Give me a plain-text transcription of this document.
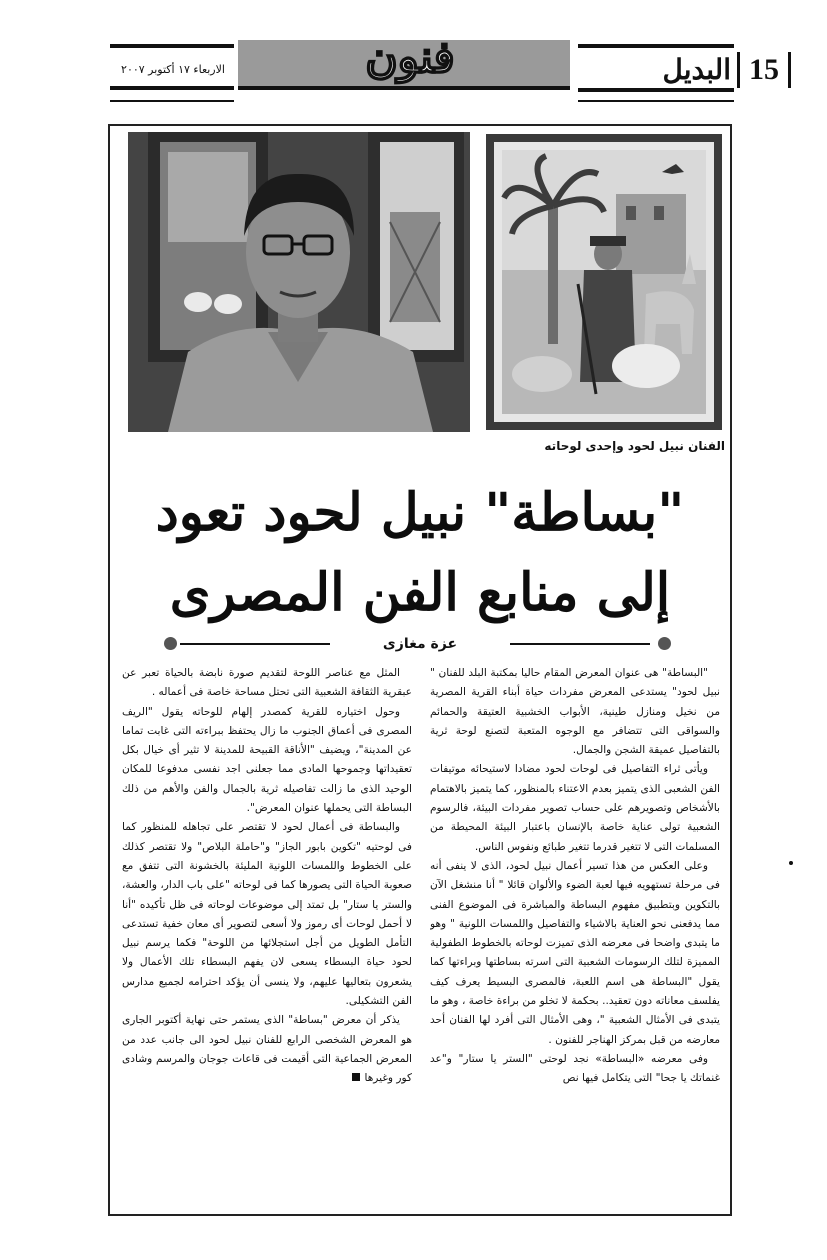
البديل 15
فنون
الاربعاء ١٧ أكتوبر ٢٠٠٧
الفنان نبيل لحود وإحدى لوحاته
"بساطة" نبيل لحود تعود
إلى منابع الفن المصرى
عزة مغازى

"البساطة" هى عنوان المعرض المقام حاليا بمكتبة البلد للفنان " نبيل لحود" يستدعى المعرض مفردات حياة أبناء القرية المصرية من نخيل ومنازل طينية، الأبواب الخشبية العتيقة والحمائم والسواقى التى تتضافر مع الوجوه المتعبة لتصنع لوحة ثرية بالتفاصيل عميقة الشجن والجمال.

ويأتى ثراء التفاصيل فى لوحات لحود مضادا لاستيحائه موتيفات الفن الشعبى الذى يتميز بعدم الاعتناء بالمنظور، كما يتميز بالاهتمام بالأشخاص وتصويرهم على حساب تصوير مفردات البيئة، فالرسوم الشعبية تولى عناية خاصة بالإنسان باعتبار البيئة المحيطة من المسلمات التى لا تتغير قدرما تتغير طبائع ونفوس الناس.

وعلى العكس من هذا تسير أعمال نبيل لحود، الذى لا ينفى أنه فى مرحلة تستهويه فيها لعبة الضوء والألوان قائلا " أنا منشغل الآن بالتكوين وبتطبيق مفهوم البساطة والمباشرة فى الموضوع الفنى مما يدفعنى نحو العناية بالاشياء والتفاصيل واللمسات اللونية " وهو ما يتبدى واضحا فى معرضه الذى تميزت لوحاته بالخطوط الطفولية المميزة لتلك الرسومات الشعبية التى اسرته بساطتها وبراءتها كما يقول "البساطة هى اسم اللعبة، فالمصرى البسيط يعرف كيف يفلسف معاناته دون تعقيد.. بحكمة لا تخلو من براءة خاصة ، وهو ما يتبدى فى الأمثال الشعبية "، وهى الأمثال التى أفرد لها الفنان أحد معارضه من قبل بمركز الهناجر للفنون .

وفى معرضه «البساطة» نجد لوحتى "الستر يا ستار" و"عد غنماتك يا جحا" التى يتكامل فيها نص

المثل مع عناصر اللوحة لتقديم صورة نابضة بالحياة تعبر عن عبقرية الثقافة الشعبية التى تحتل مساحة خاصة فى أعماله .

وحول اختياره للقرية كمصدر إلهام للوحاته يقول "الريف المصرى فى أعماق الجنوب ما زال يحتفظ ببراءته التى غابت تماما عن المدينة"، ويضيف "الأناقة القبيحة للمدينة لا تثير أى خيال بكل تعقيداتها وجموحها المادى مما جعلنى اجد نفسى مدفوعا للمكان الوحيد الذى ما زالت تفاصيله ثرية بالجمال والفن والأهم من ذلك البساطة التى يحملها عنوان المعرض".

والبساطة فى أعمال لحود لا تقتصر على تجاهله للمنظور كما فى لوحتيه "تكوين بابور الجاز" و"حاملة البلاص" ولا تقتصر كذلك على الخطوط واللمسات اللونية المليئة بالخشونة التى تتفق مع صعوبة الحياة التى يصورها كما فى لوحاته "على باب الدار، والعشة، والستر يا ستار" بل تمتد إلى موضوعات لوحاته فى ظل تأكيده "أنا لا أحمل لوحات أى رموز ولا أسعى لتصوير أى معان خفية تستدعى التأمل الطويل من أجل استجلائها من اللوحة" فكما يرسم نبيل لحود حياة البسطاء يسعى لان يفهم البسطاء تلك الأعمال ولا يشعرون بتعاليها عليهم، ولا ينسى أن يؤكد احترامه لجميع مدارس الفن التشكيلى.

يذكر أن معرض "بساطة" الذى يستمر حتى نهاية أكتوبر الجارى هو المعرض الشخصى الرابع للفنان نبيل لحود الى جانب عدد من المعرض الجماعية التى أقيمت فى قاعات جوجان والمرسم وشادى كور وغيرها
